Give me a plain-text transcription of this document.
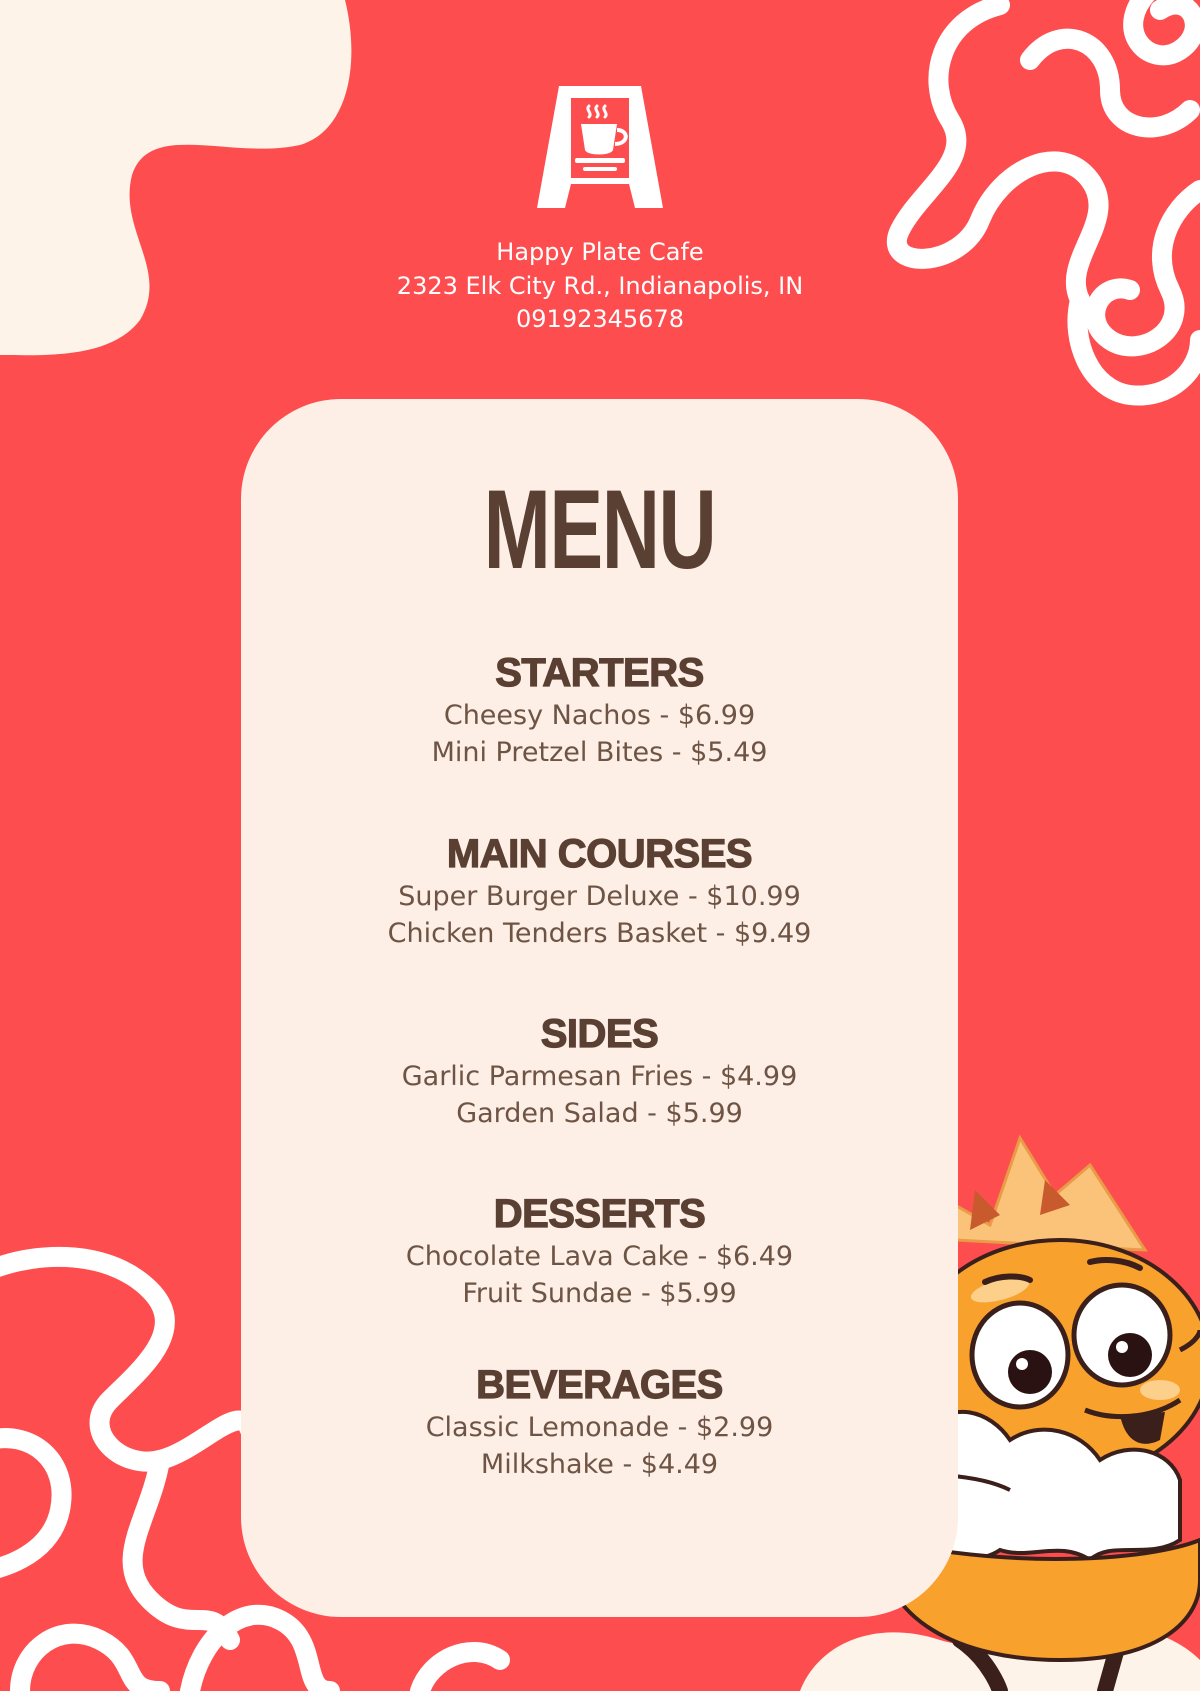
Happy Plate Cafe
2323 Elk City Rd., Indianapolis, IN
09192345678
MENU
STARTERS
Cheesy Nachos - $6.99
Mini Pretzel Bites - $5.49
MAIN COURSES
Super Burger Deluxe - $10.99
Chicken Tenders Basket - $9.49
SIDES
Garlic Parmesan Fries - $4.99
Garden Salad - $5.99
DESSERTS
Chocolate Lava Cake - $6.49
Fruit Sundae - $5.99
BEVERAGES
Classic Lemonade - $2.99
Milkshake - $4.49
